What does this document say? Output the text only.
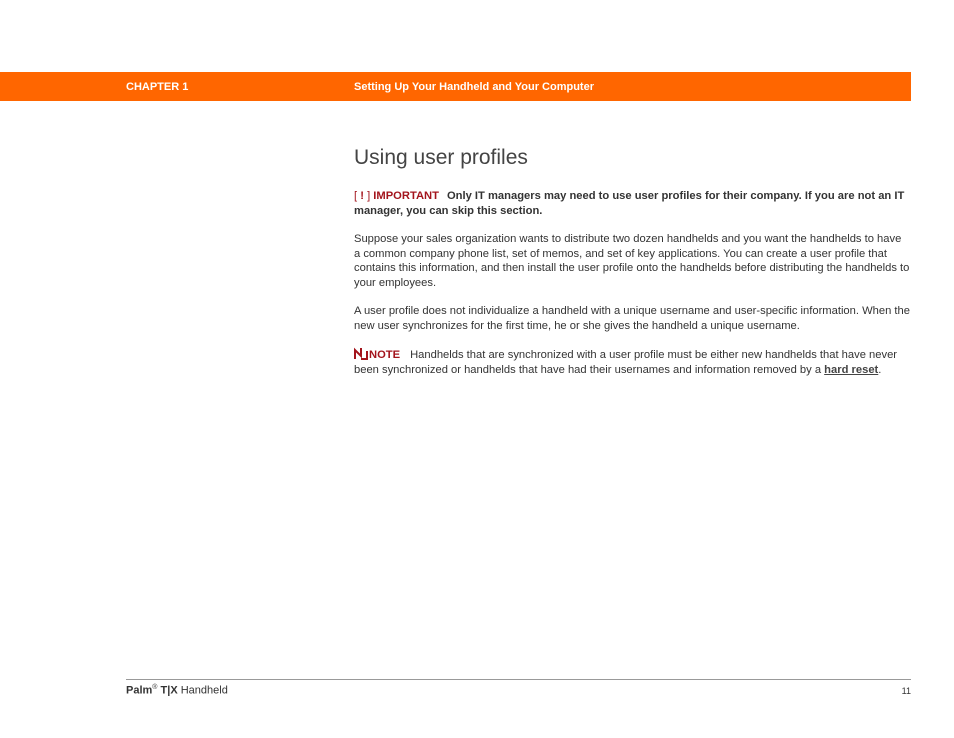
CHAPTER 1	Setting Up Your Handheld and Your Computer
Using user profiles

[ ! ] IMPORTANT Only IT managers may need to use user profiles for their company. If you are not an IT manager, you can skip this section.

Suppose your sales organization wants to distribute two dozen handhelds and you want the handhelds to have a common company phone list, set of memos, and set of key applications. You can create a user profile that contains this information, and then install the user profile onto the handhelds before distributing the handhelds to your employees.

A user profile does not individualize a handheld with a unique username and user-specific information. When the new user synchronizes for the first time, he or she gives the handheld a unique username.

NOTE Handhelds that are synchronized with a user profile must be either new handhelds that have never been synchronized or handhelds that have had their usernames and information removed by a hard reset.

Palm® T|X Handheld	11
